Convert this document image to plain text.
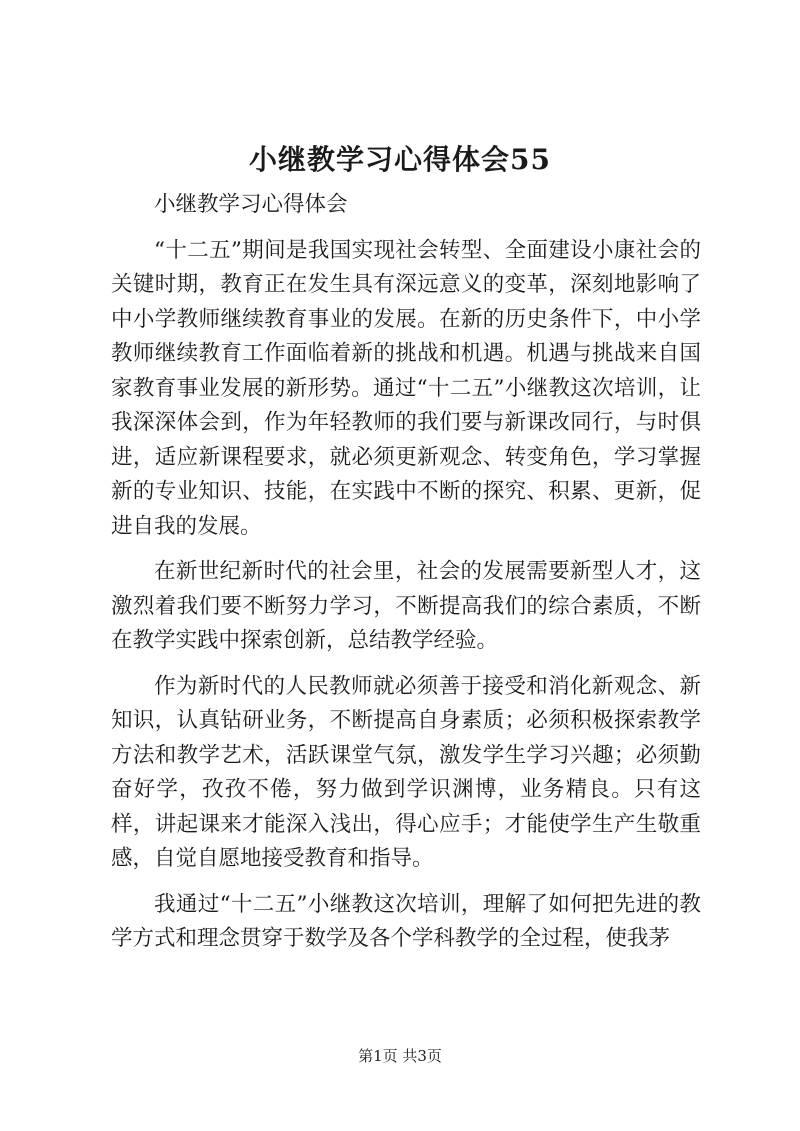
小继教学习心得体会55

小继教学习心得体会

“十二五”期间是我国实现社会转型、全面建设小康社会的关键时期，教育正在发生具有深远意义的变革，深刻地影响了中小学教师继续教育事业的发展。在新的历史条件下，中小学教师继续教育工作面临着新的挑战和机遇。机遇与挑战来自国家教育事业发展的新形势。通过“十二五”小继教这次培训，让我深深体会到，作为年轻教师的我们要与新课改同行，与时俱进，适应新课程要求，就必须更新观念、转变角色，学习掌握新的专业知识、技能，在实践中不断的探究、积累、更新，促进自我的发展。

在新世纪新时代的社会里，社会的发展需要新型人才，这激烈着我们要不断努力学习，不断提高我们的综合素质，不断在教学实践中探索创新，总结教学经验。

作为新时代的人民教师就必须善于接受和消化新观念、新知识，认真钻研业务，不断提高自身素质；必须积极探索教学方法和教学艺术，活跃课堂气氛，激发学生学习兴趣；必须勤奋好学，孜孜不倦，努力做到学识渊博，业务精良。只有这样，讲起课来才能深入浅出，得心应手；才能使学生产生敬重感，自觉自愿地接受教育和指导。

我通过“十二五”小继教这次培训，理解了如何把先进的教学方式和理念贯穿于数学及各个学科教学的全过程，使我茅

第1页 共3页
